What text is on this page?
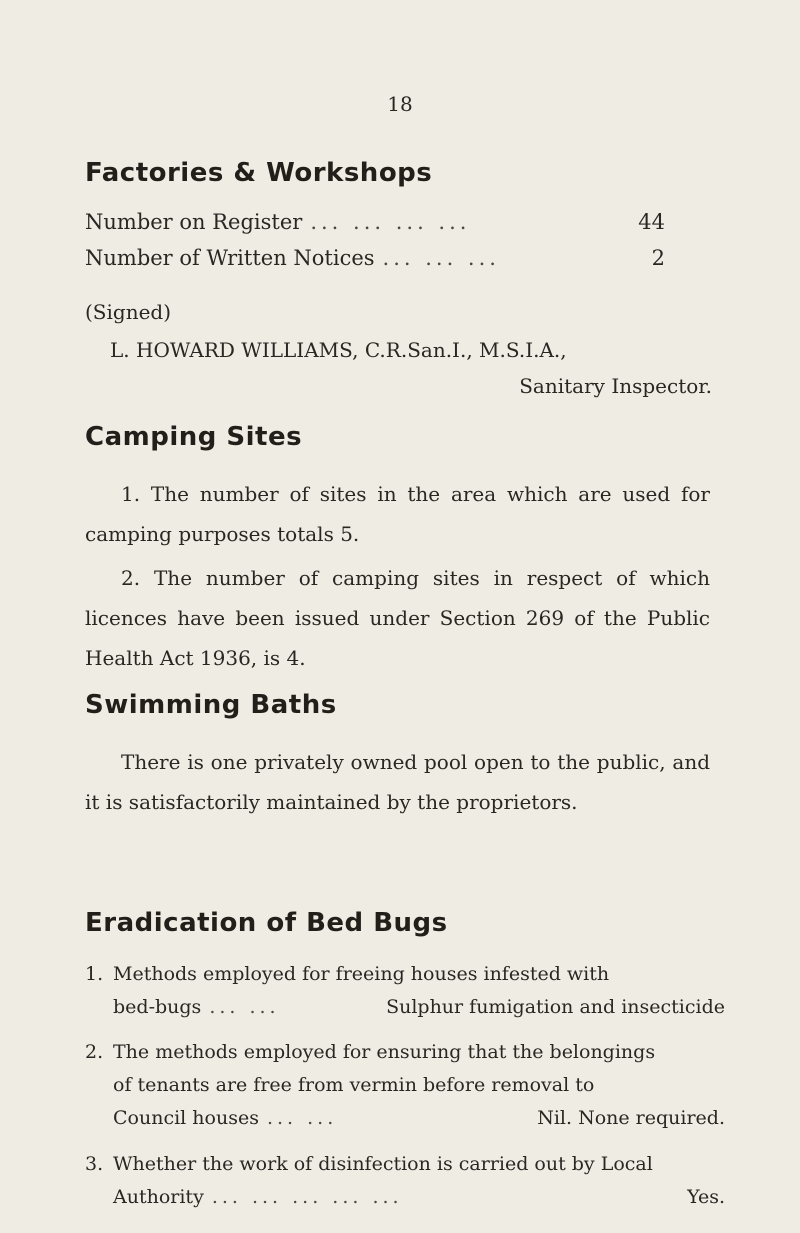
18
Factories & Workshops
Number on Register ... ... ... ...	44
Number of Written Notices ... ... ...	2
(Signed)
L. HOWARD WILLIAMS, C.R.San.I., M.S.I.A.,
Sanitary Inspector.
Camping Sites
1. The number of sites in the area which are used for camping purposes totals 5.
2. The number of camping sites in respect of which licences have been issued under Section 269 of the Public Health Act 1936, is 4.
Swimming Baths
There is one privately owned pool open to the public, and it is satisfactorily maintained by the proprietors.
Eradication of Bed Bugs
1. Methods employed for freeing houses infested with
bed-bugs ... ...	Sulphur fumigation and insecticide
2. The methods employed for ensuring that the belongings
of tenants are free from vermin before removal to
Council houses ... ...	Nil. None required.
3. Whether the work of disinfection is carried out by Local
Authority ... ... ... ... ...	Yes.
